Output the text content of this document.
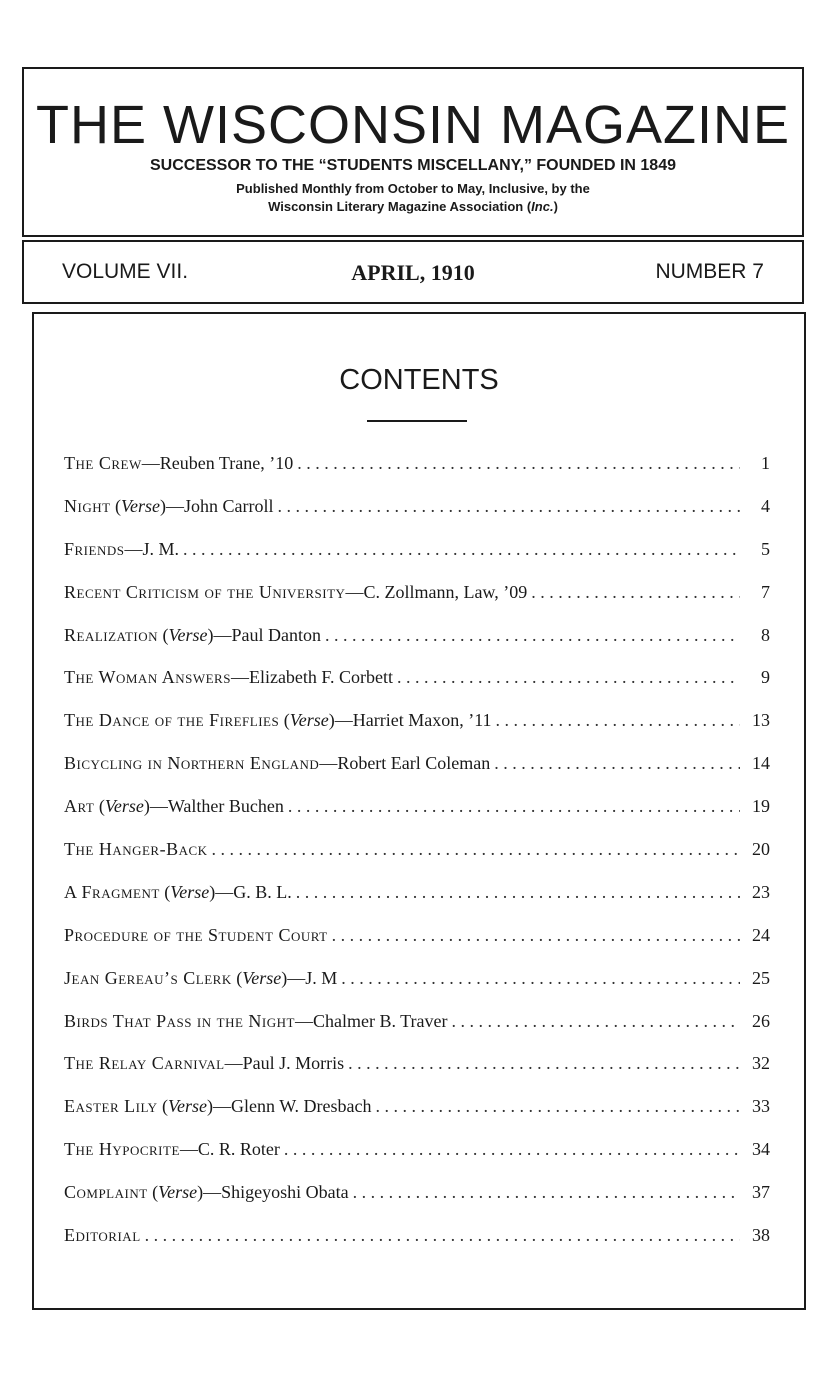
THE WISCONSIN MAGAZINE
SUCCESSOR TO THE “STUDENTS MISCELLANY,” FOUNDED IN 1849
Published Monthly from October to May, Inclusive, by the
Wisconsin Literary Magazine Association (Inc.)
VOLUME VII.	APRIL, 1910	NUMBER 7
CONTENTS
The Crew—Reuben Trane, ’10 . . .	1
Night (Verse)—John Carroll . . .	4
Friends—J. M. . . .	5
Recent Criticism of the University—C. Zollmann, Law, ’09 . . .	7
Realization (Verse)—Paul Danton . . .	8
The Woman Answers—Elizabeth F. Corbett . . .	9
The Dance of the Fireflies (Verse)—Harriet Maxon, ’11 . . .	13
Bicycling in Northern England—Robert Earl Coleman . . .	14
Art (Verse)—Walther Buchen . . .	19
The Hanger-Back . . .	20
A Fragment (Verse)—G. B. L. . . .	23
Procedure of the Student Court . . .	24
Jean Gereau’s Clerk (Verse)—J. M . . .	25
Birds That Pass in the Night—Chalmer B. Traver . . .	26
The Relay Carnival—Paul J. Morris . . .	32
Easter Lily (Verse)—Glenn W. Dresbach . . .	33
The Hypocrite—C. R. Roter . . .	34
Complaint (Verse)—Shigeyoshi Obata . . .	37
Editorial . . .	38
